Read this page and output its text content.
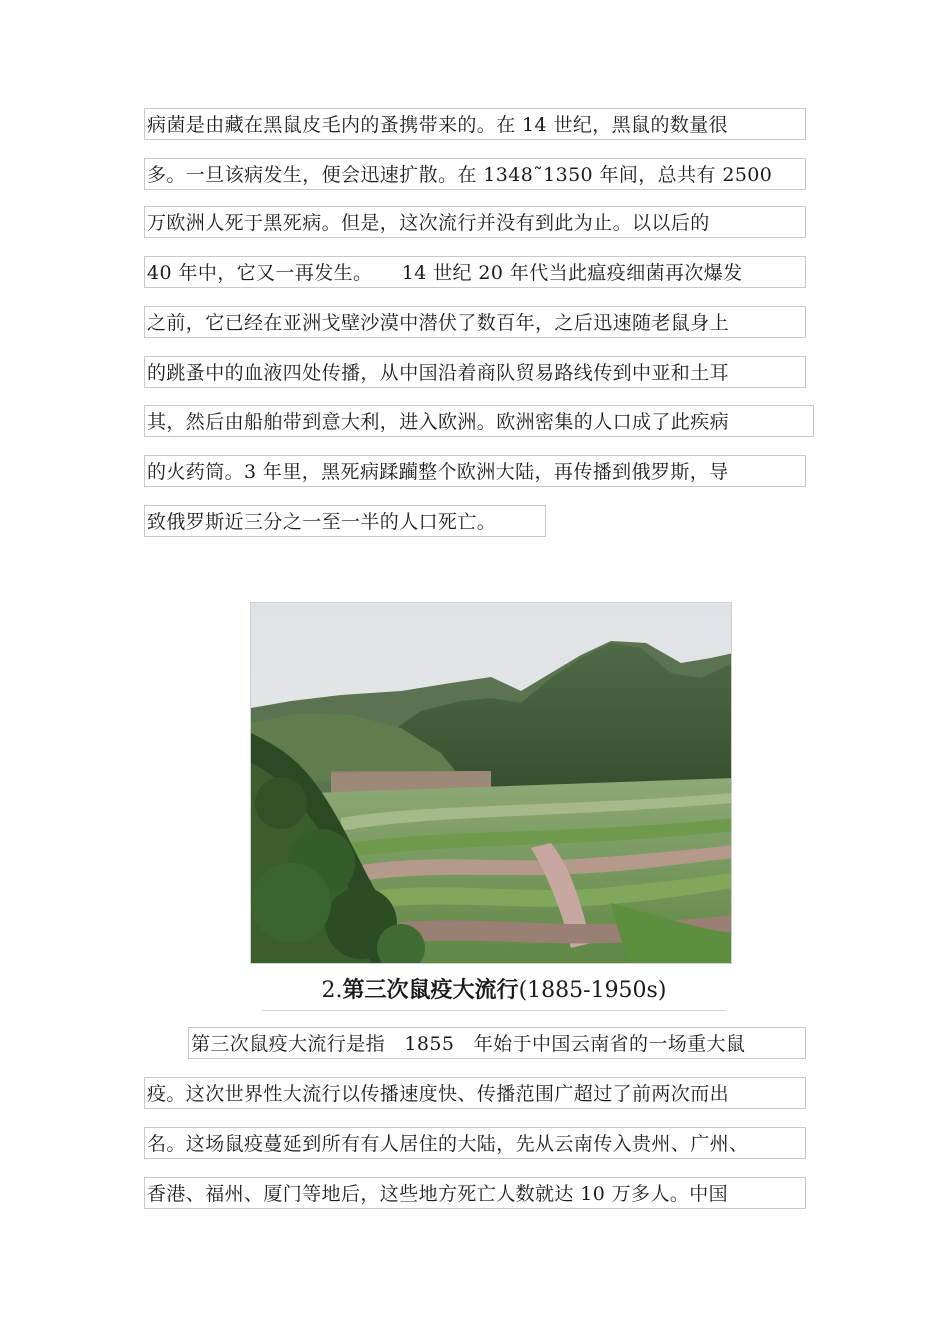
病菌是由藏在黑鼠皮毛内的蚤携带来的。在 14 世纪，黑鼠的数量很
多。一旦该病发生，便会迅速扩散。在 1348˜1350 年间，总共有 2500
万欧洲人死于黑死病。但是，这次流行并没有到此为止。以以后的
40 年中，它又一再发生。　　14 世纪 20 年代当此瘟疫细菌再次爆发
之前，它已经在亚洲戈壁沙漠中潜伏了数百年，之后迅速随老鼠身上
的跳蚤中的血液四处传播，从中国沿着商队贸易路线传到中亚和土耳
其，然后由船舶带到意大利，进入欧洲。欧洲密集的人口成了此疾病
的火药筒。3 年里，黑死病蹂躏整个欧洲大陆，再传播到俄罗斯，导
致俄罗斯近三分之一至一半的人口死亡。
2.第三次鼠疫大流行(1885-1950s)
第三次鼠疫大流行是指　1855　年始于中国云南省的一场重大鼠
疫。这次世界性大流行以传播速度快、传播范围广超过了前两次而出
名。这场鼠疫蔓延到所有有人居住的大陆，先从云南传入贵州、广州、
香港、福州、厦门等地后，这些地方死亡人数就达 10 万多人。中国
